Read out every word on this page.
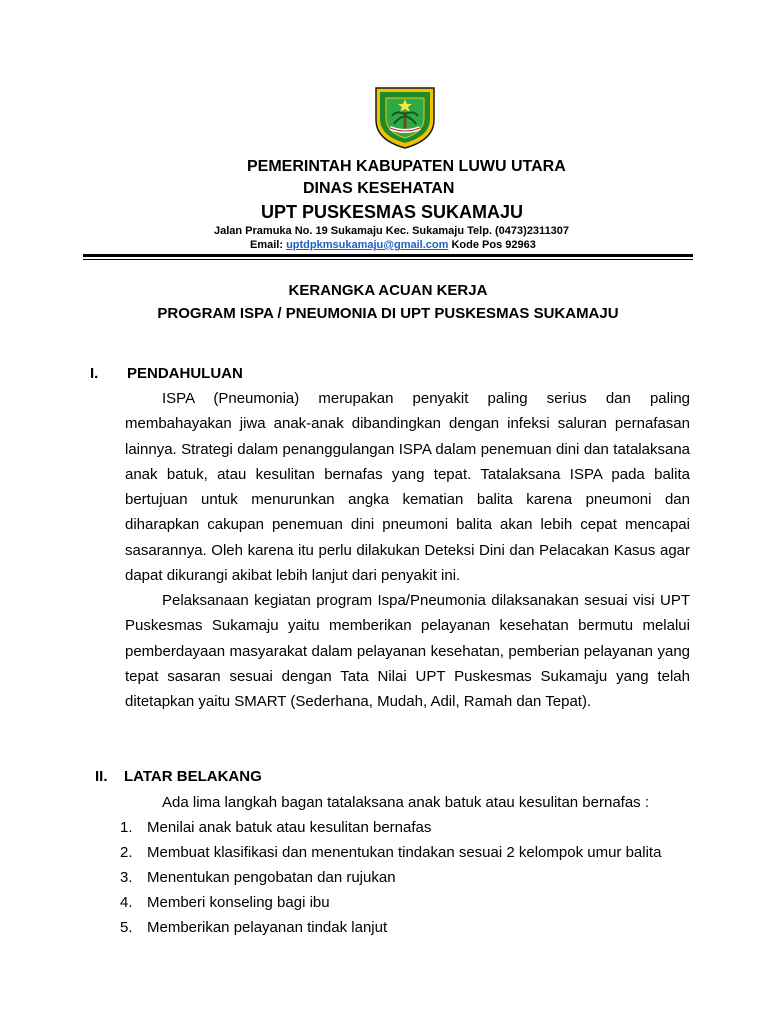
PEMERINTAH KABUPATEN LUWU UTARA
DINAS KESEHATAN
UPT PUSKESMAS SUKAMAJU
Jalan Pramuka No. 19 Sukamaju Kec. Sukamaju Telp. (0473)2311307
Email: uptdpkmsukamaju@gmail.com Kode Pos 92963
KERANGKA ACUAN KERJA
PROGRAM ISPA / PNEUMONIA DI UPT PUSKESMAS SUKAMAJU
I. PENDAHULUAN

ISPA (Pneumonia) merupakan penyakit paling serius dan paling membahayakan jiwa anak-anak dibandingkan dengan infeksi saluran pernafasan lainnya. Strategi dalam penanggulangan ISPA dalam penemuan dini dan tatalaksana anak batuk, atau kesulitan bernafas yang tepat. Tatalaksana ISPA pada balita bertujuan untuk menurunkan angka kematian balita karena pneumoni dan diharapkan cakupan penemuan dini pneumoni balita akan lebih cepat mencapai sasarannya. Oleh karena itu perlu dilakukan Deteksi Dini dan Pelacakan Kasus agar dapat dikurangi akibat lebih lanjut dari penyakit ini.

Pelaksanaan kegiatan program Ispa/Pneumonia dilaksanakan sesuai visi UPT Puskesmas Sukamaju yaitu memberikan pelayanan kesehatan bermutu melalui pemberdayaan masyarakat dalam pelayanan kesehatan, pemberian pelayanan yang tepat sasaran sesuai dengan Tata Nilai UPT Puskesmas Sukamaju yang telah ditetapkan yaitu SMART (Sederhana, Mudah, Adil, Ramah dan Tepat).

II. LATAR BELAKANG
Ada lima langkah bagan tatalaksana anak batuk atau kesulitan bernafas :
1. Menilai anak batuk atau kesulitan bernafas
2. Membuat klasifikasi dan menentukan tindakan sesuai 2 kelompok umur balita
3. Menentukan pengobatan dan rujukan
4. Memberi konseling bagi ibu
5. Memberikan pelayanan tindak lanjut
